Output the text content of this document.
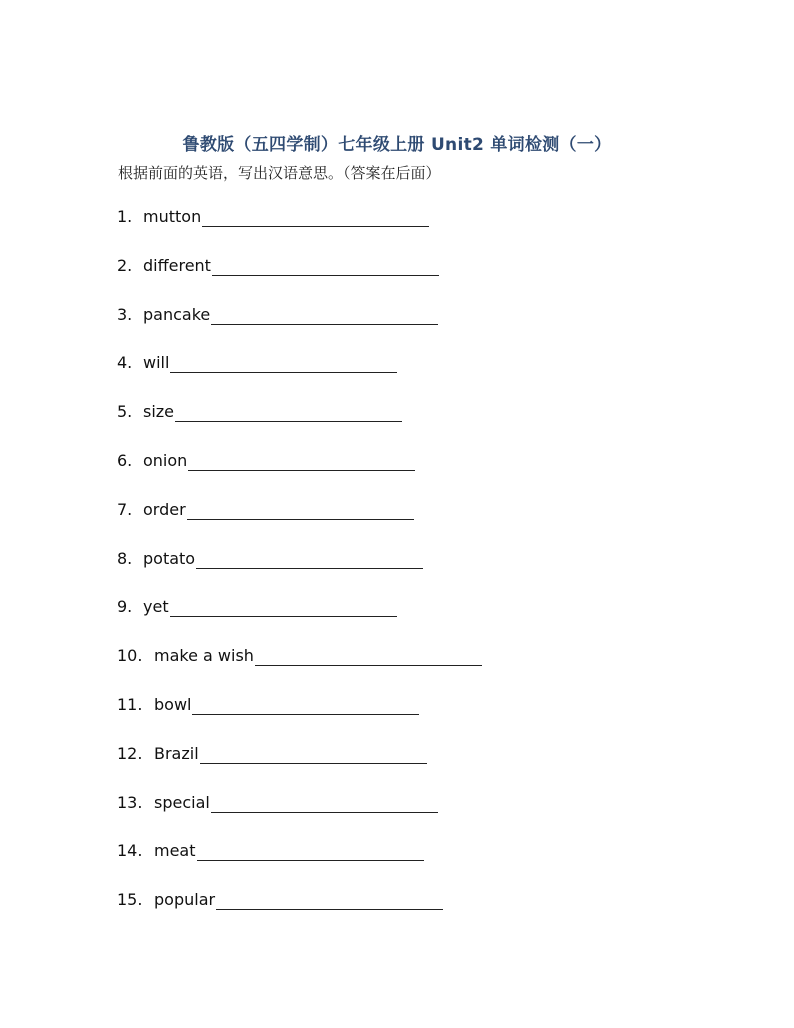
鲁教版（五四学制）七年级上册 Unit2 单词检测（一）
根据前面的英语，写出汉语意思。（答案在后面）
1. mutton
2. different
3. pancake
4. will
5. size
6. onion
7. order
8. potato
9. yet
10. make a wish
11. bowl
12. Brazil
13. special
14. meat
15. popular
